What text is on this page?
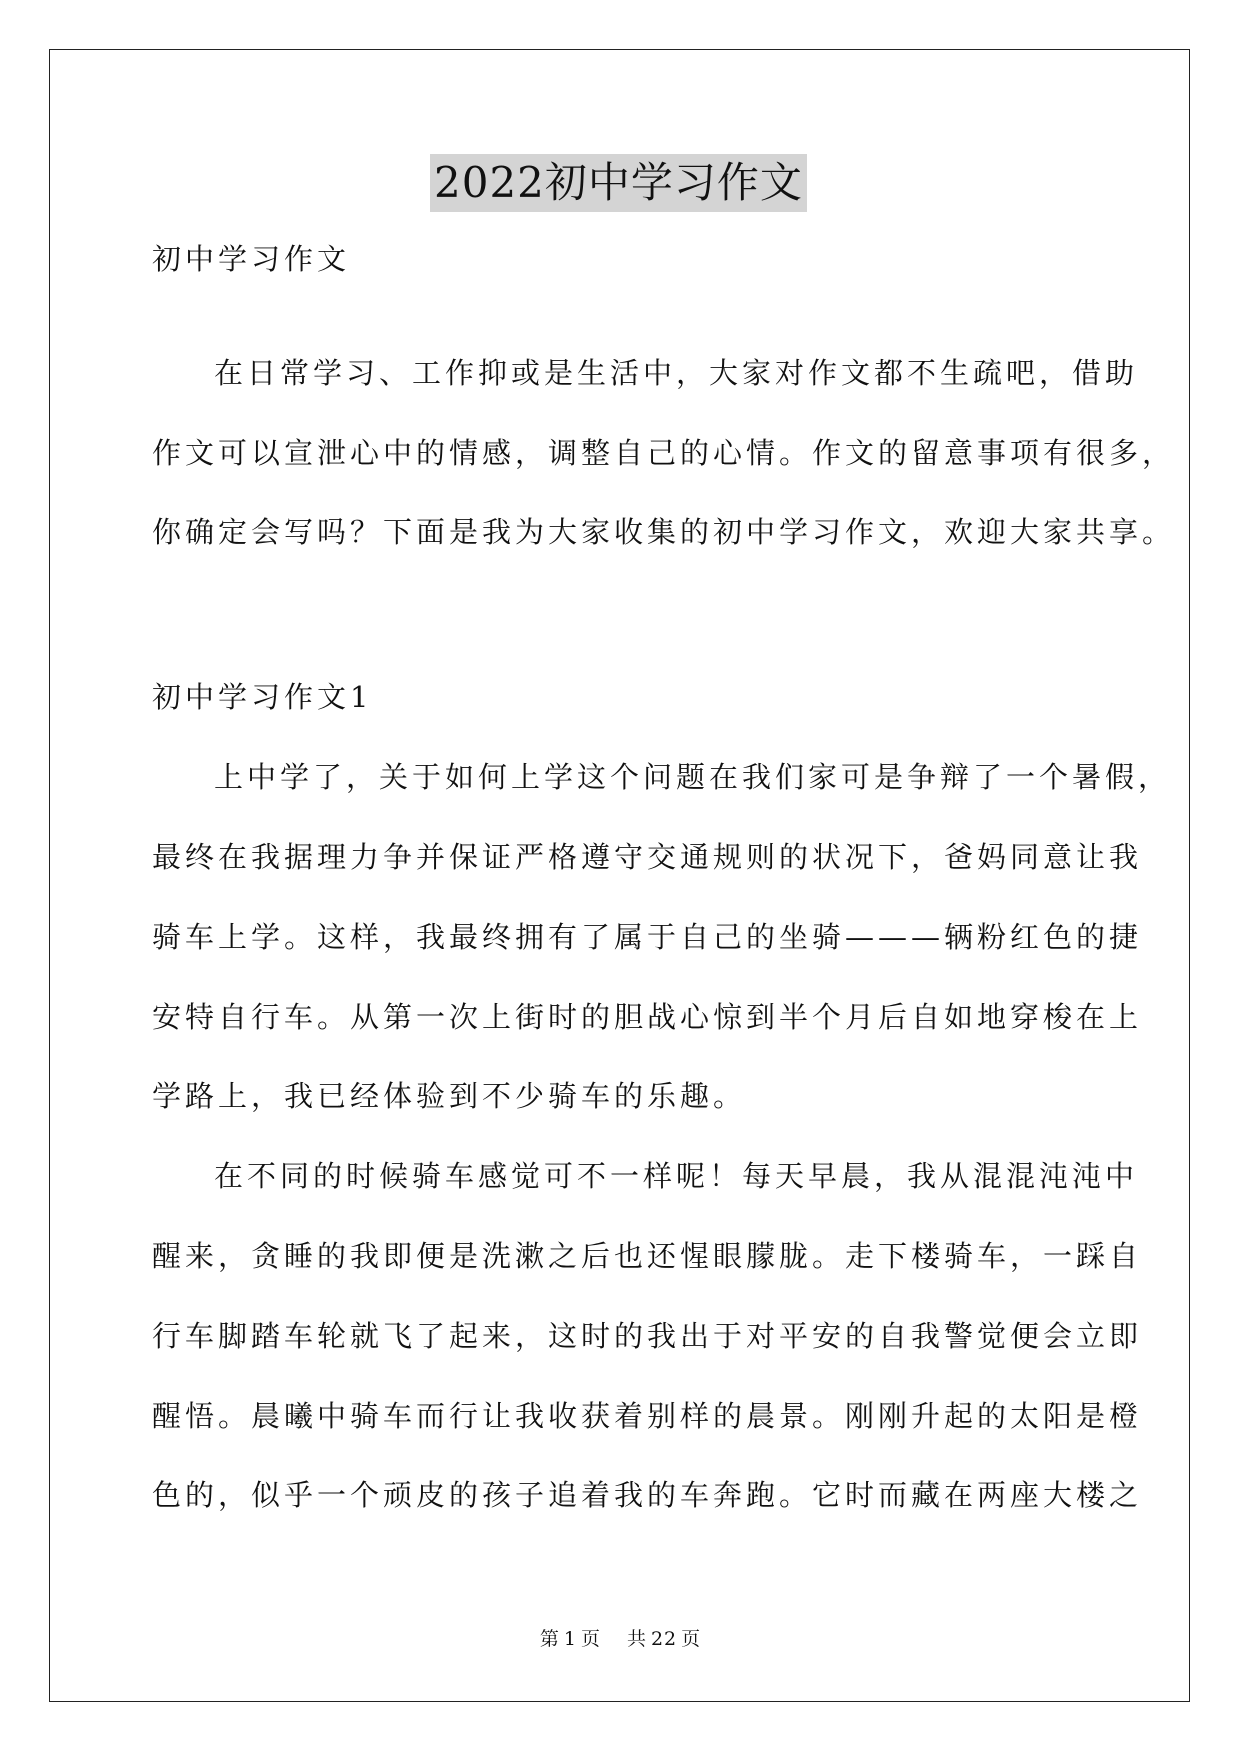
2022初中学习作文
初中学习作文
在日常学习、工作抑或是生活中，大家对作文都不生疏吧，借助
作文可以宣泄心中的情感，调整自己的心情。作文的留意事项有很多，
你确定会写吗？下面是我为大家收集的初中学习作文，欢迎大家共享。
初中学习作文1
上中学了，关于如何上学这个问题在我们家可是争辩了一个暑假，
最终在我据理力争并保证严格遵守交通规则的状况下，爸妈同意让我
骑车上学。这样，我最终拥有了属于自己的坐骑———辆粉红色的捷
安特自行车。从第一次上街时的胆战心惊到半个月后自如地穿梭在上
学路上，我已经体验到不少骑车的乐趣。
在不同的时候骑车感觉可不一样呢！每天早晨，我从混混沌沌中
醒来，贪睡的我即便是洗漱之后也还惺眼朦胧。走下楼骑车，一踩自
行车脚踏车轮就飞了起来，这时的我出于对平安的自我警觉便会立即
醒悟。晨曦中骑车而行让我收获着别样的晨景。刚刚升起的太阳是橙
色的，似乎一个顽皮的孩子追着我的车奔跑。它时而藏在两座大楼之
第 1 页 共 22 页
